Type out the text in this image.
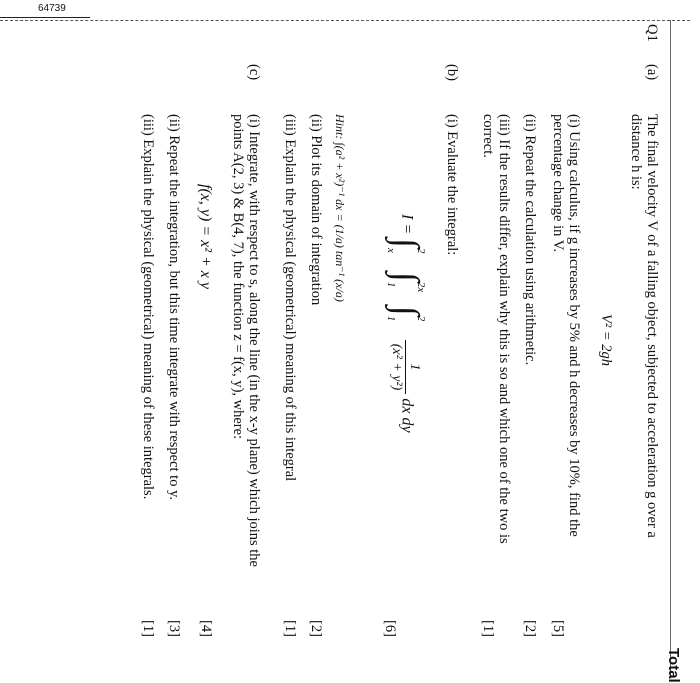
64739
Total
Q1
(a)
The final velocity V of a falling object, subjected to acceleration g over a
distance h is:
V² = 2gh
(i) Using calculus, if g increases by 5% and h decreases by 10%, find the
percentage change in V.
[5]
(ii) Repeat the calculation using arithmetic.
[2]
(iii) If the results differ, explain why this is so and which one of the two is
correct.
[1]
(b)
(i) Evaluate the integral:
I = ∫
2
x
∫
2x
1
∫
2
1

1
(x² + y²)
dx dy
[6]
Hint: ∫(a² + x²)⁻¹ dx = (1/a) tan⁻¹ (x/a)
(ii) Plot its domain of integration
[2]
(iii) Explain the physical (geometrical) meaning of this integral
[1]
(c)
(i) Integrate, with respect to s, along the line (in the x-y plane) which joins the
points A(2, 3) & B(4, 7), the function z = f(x, y), where:
f(x, y) = x² + x y
[4]
(ii) Repeat the integration, but this time integrate with respect to y.
[3]
(iii) Explain the physical (geometrical) meaning of these integrals.
[1]
